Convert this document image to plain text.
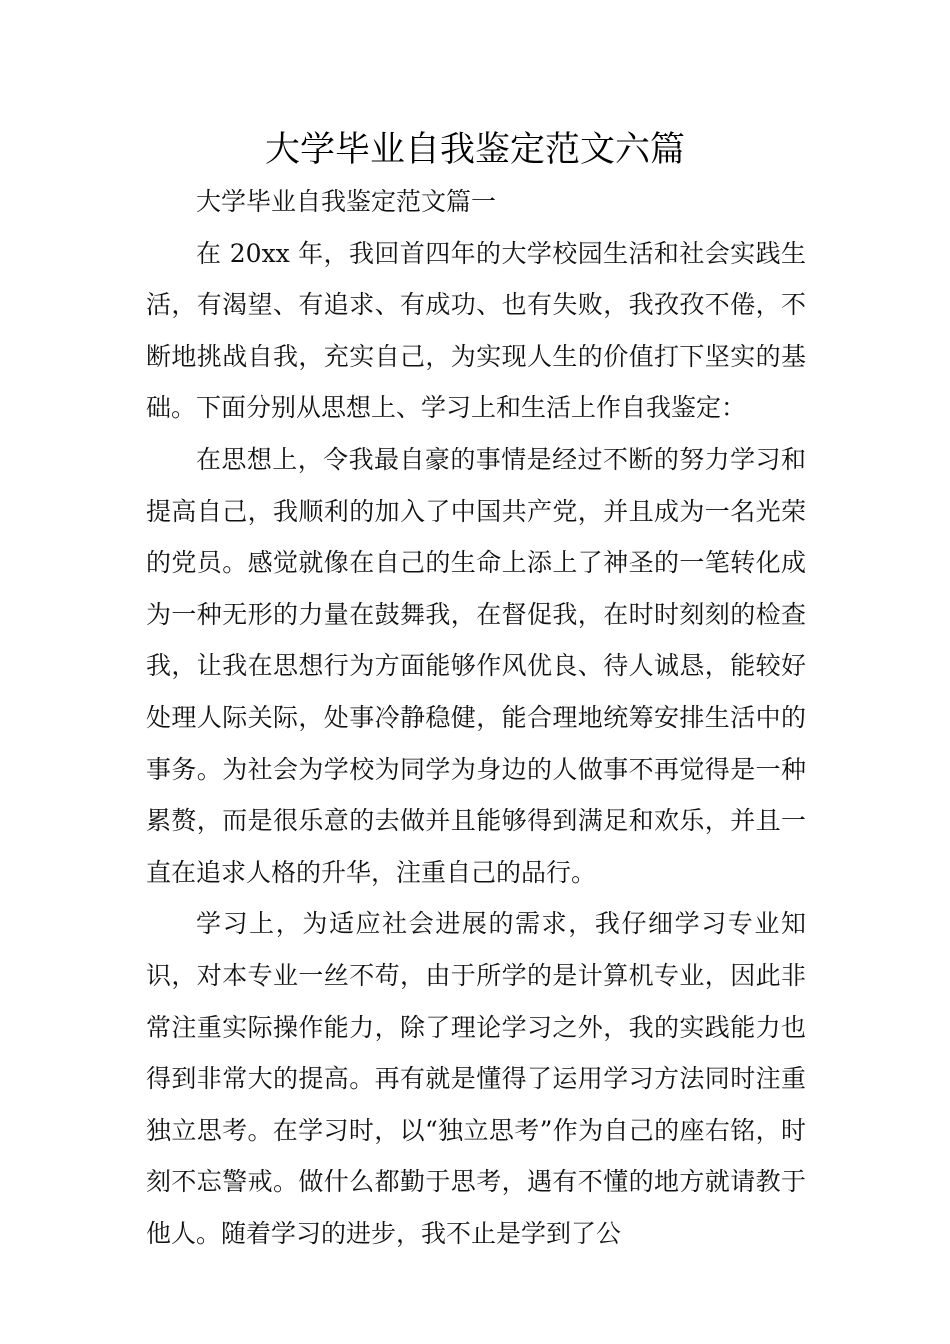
大学毕业自我鉴定范文六篇

大学毕业自我鉴定范文篇一

在 20xx 年，我回首四年的大学校园生活和社会实践生活，有渴望、有追求、有成功、也有失败，我孜孜不倦，不断地挑战自我，充实自己，为实现人生的价值打下坚实的基础。下面分别从思想上、学习上和生活上作自我鉴定：

在思想上，令我最自豪的事情是经过不断的努力学习和提高自己，我顺利的加入了中国共产党，并且成为一名光荣的党员。感觉就像在自己的生命上添上了神圣的一笔转化成为一种无形的力量在鼓舞我，在督促我，在时时刻刻的检查我，让我在思想行为方面能够作风优良、待人诚恳，能较好处理人际关际，处事冷静稳健，能合理地统筹安排生活中的事务。为社会为学校为同学为身边的人做事不再觉得是一种累赘，而是很乐意的去做并且能够得到满足和欢乐，并且一直在追求人格的升华，注重自己的品行。

学习上，为适应社会进展的需求，我仔细学习专业知识，对本专业一丝不苟，由于所学的是计算机专业，因此非常注重实际操作能力，除了理论学习之外，我的实践能力也得到非常大的提高。再有就是懂得了运用学习方法同时注重独立思考。在学习时，以“独立思考”作为自己的座右铭，时刻不忘警戒。做什么都勤于思考，遇有不懂的地方就请教于他人。随着学习的进步，我不止是学到了公
